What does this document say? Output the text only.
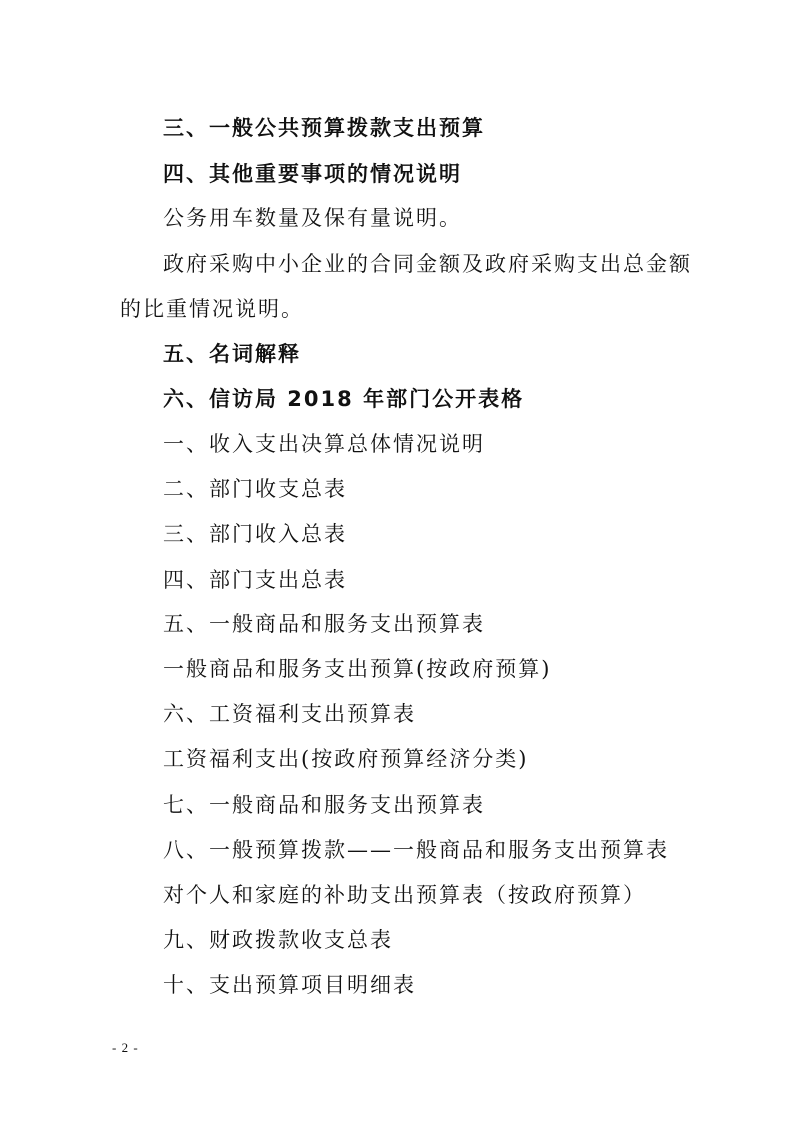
三、一般公共预算拨款支出预算
四、其他重要事项的情况说明
公务用车数量及保有量说明。
政府采购中小企业的合同金额及政府采购支出总金额
的比重情况说明。
五、名词解释
六、信访局 2018 年部门公开表格
一、收入支出决算总体情况说明
二、部门收支总表
三、部门收入总表
四、部门支出总表
五、一般商品和服务支出预算表
一般商品和服务支出预算(按政府预算)
六、工资福利支出预算表
工资福利支出(按政府预算经济分类)
七、一般商品和服务支出预算表
八、一般预算拨款——一般商品和服务支出预算表
对个人和家庭的补助支出预算表（按政府预算）
九、财政拨款收支总表
十、支出预算项目明细表
- 2 -
